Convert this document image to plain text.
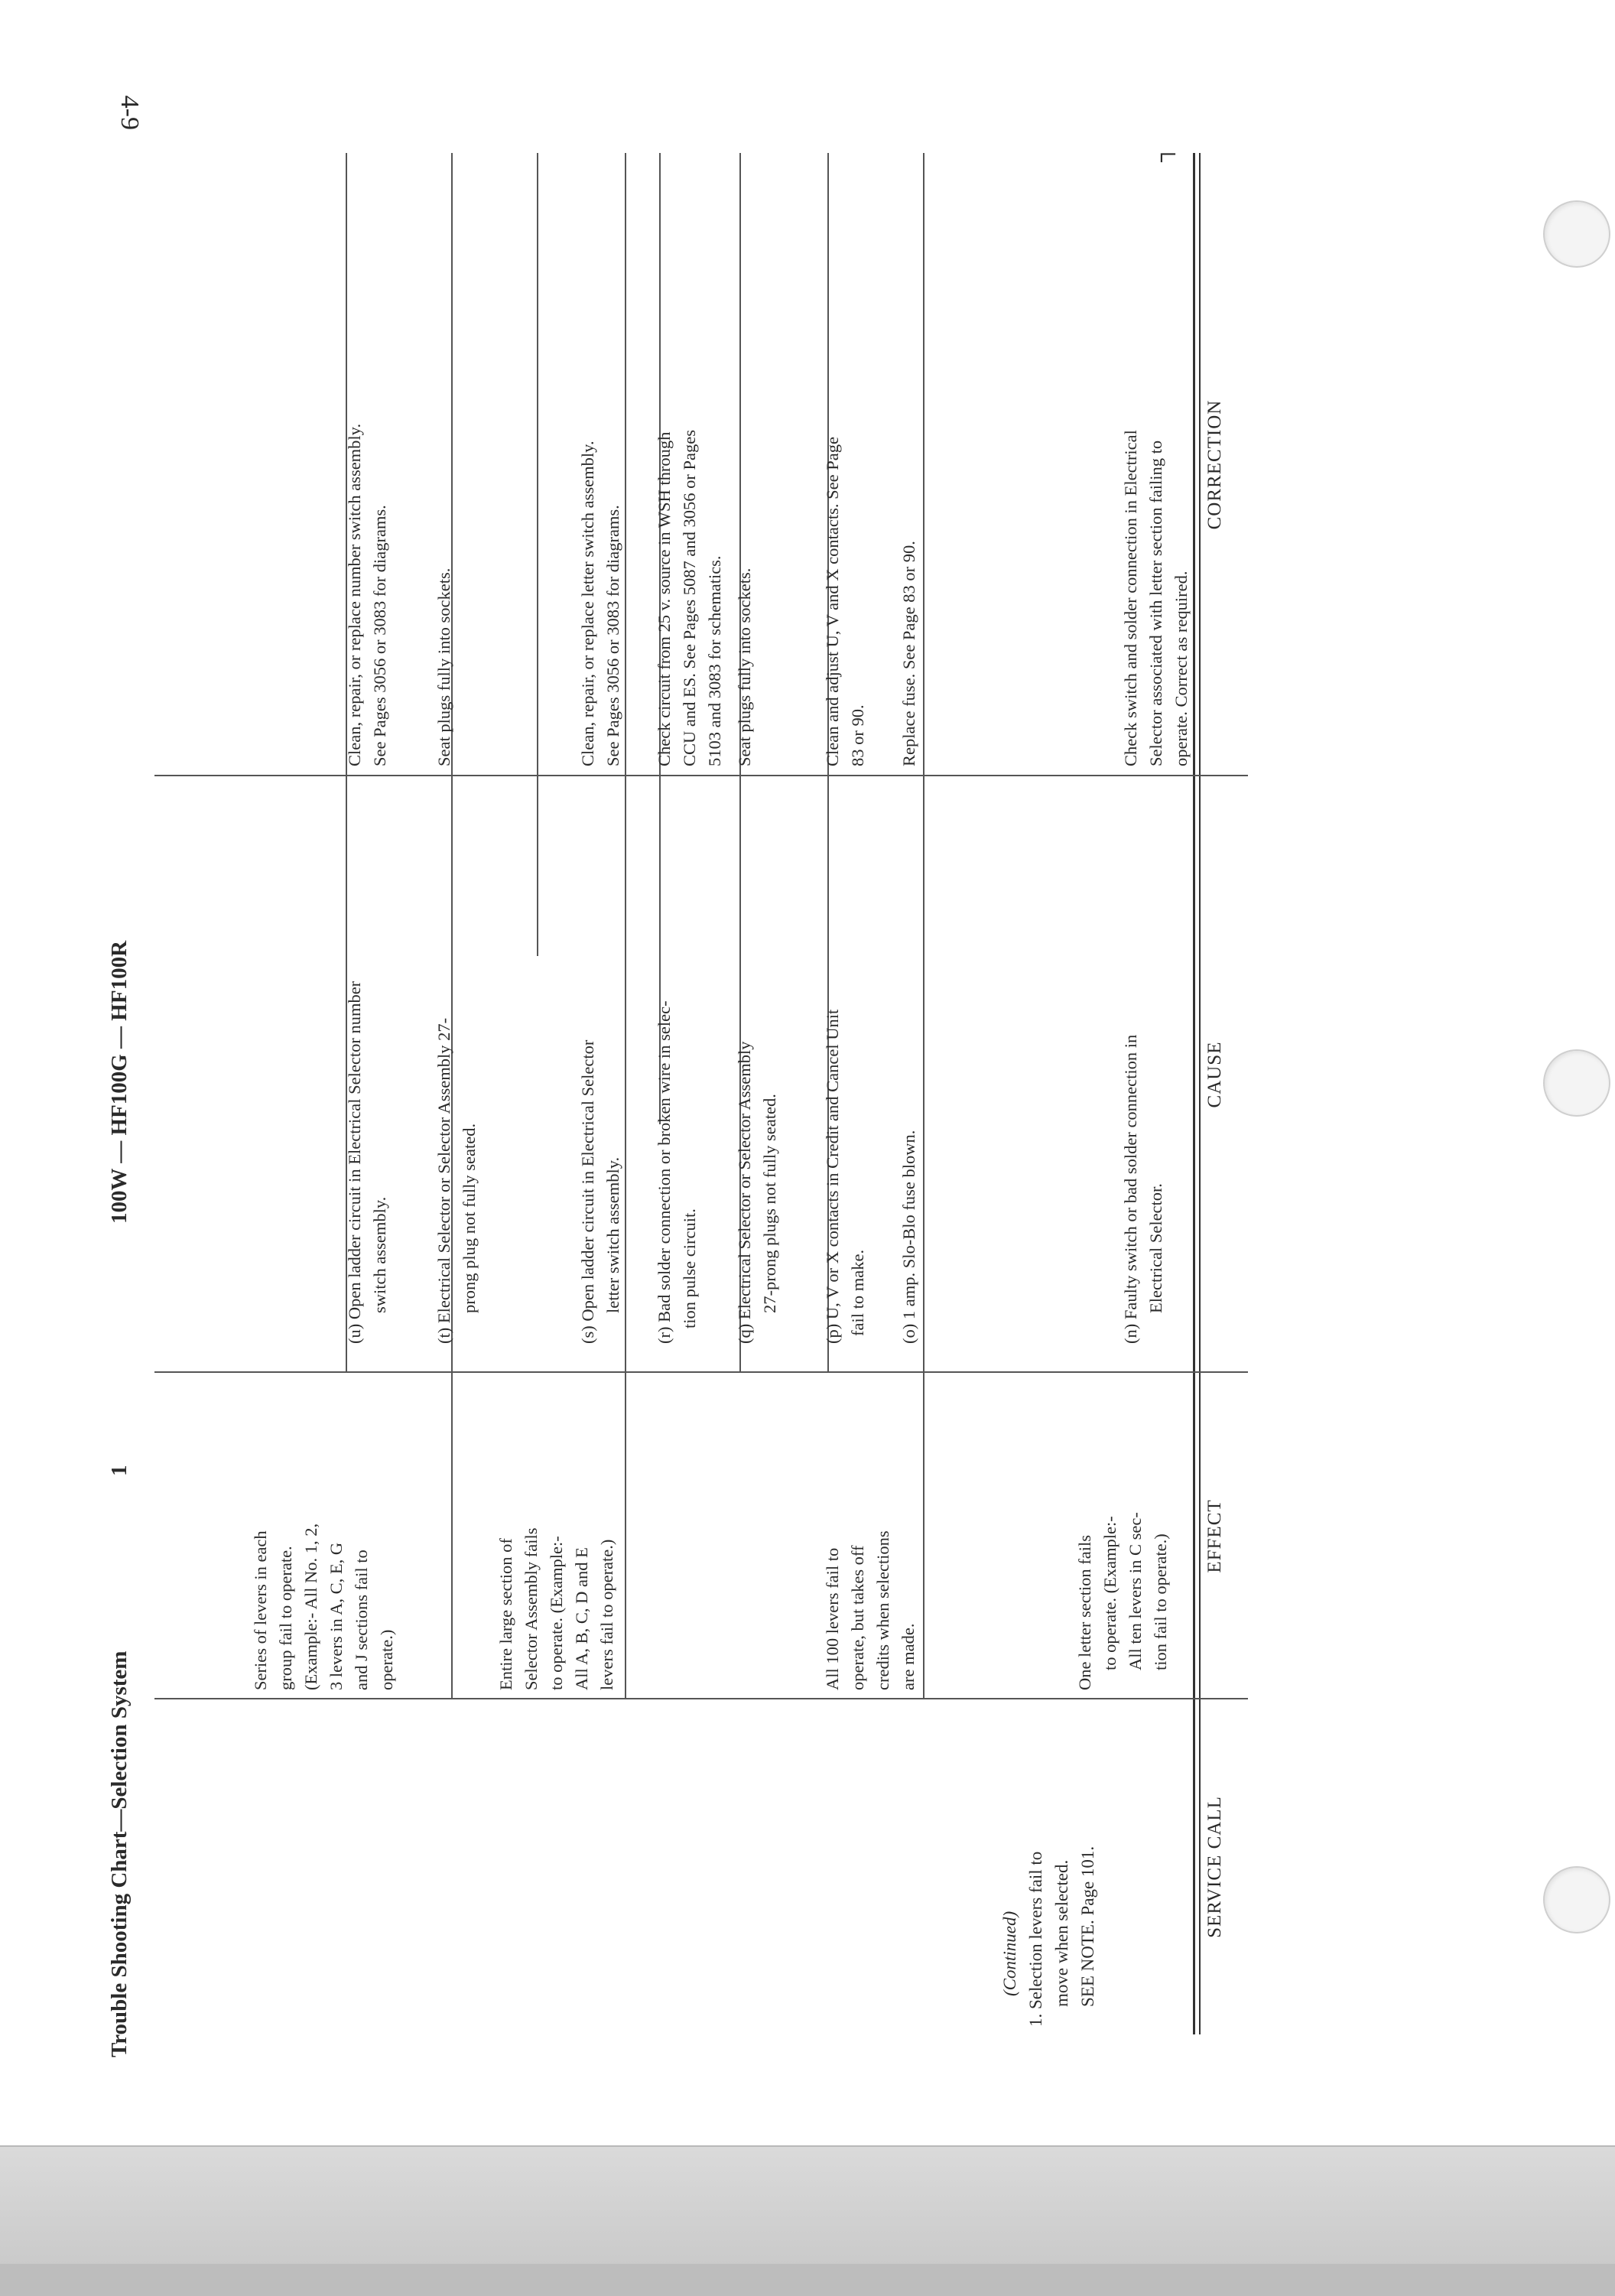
4-9
Trouble Shooting Chart—Selection System
1
100W — HF100G — HF100R
SERVICE CALL
EFFECT
CAUSE
CORRECTION
┐

(Continued) 1. Selection levers fail to move when selected. SEE NOTE. Page 101.

One letter section fails to operate. (Example:- All ten levers in C sec- tion fail to operate.)

All 100 levers fail to operate, but takes off credits when selections are made.

Entire large section of Selector Assembly fails to operate. (Example:- All A, B, C, D and E levers fail to operate.)

Series of levers in each group fail to operate. (Example:- All No. 1, 2, 3 levers in A, C, E, G and J sections fail to operate.)

(n) Faulty switch or bad solder connection in Electrical Selector.

(o) 1 amp. Slo-Blo fuse blown.

(p) U, V or X contacts in Credit and Cancel Unit fail to make.

(q) Electrical Selector or Selector Assembly 27-prong plugs not fully seated.

(r) Bad solder connection or broken wire in selec- tion pulse circuit.

(s) Open ladder circuit in Electrical Selector letter switch assembly.

(t) Electrical Selector or Selector Assembly 27- prong plug not fully seated.

(u) Open ladder circuit in Electrical Selector number switch assembly.

Check switch and solder connection in Electrical Selector associated with letter section failing to operate. Correct as required.

Replace fuse. See Page 83 or 90.

Clean and adjust U, V and X contacts. See Page 83 or 90.

Seat plugs fully into sockets.

Check circuit from 25 v. source in WSH through CCU and ES. See Pages 5087 and 3056 or Pages 5103 and 3083 for schematics.

Clean, repair, or replace letter switch assembly. See Pages 3056 or 3083 for diagrams.

Seat plugs fully into sockets.

Clean, repair, or replace number switch assembly. See Pages 3056 or 3083 for diagrams.
